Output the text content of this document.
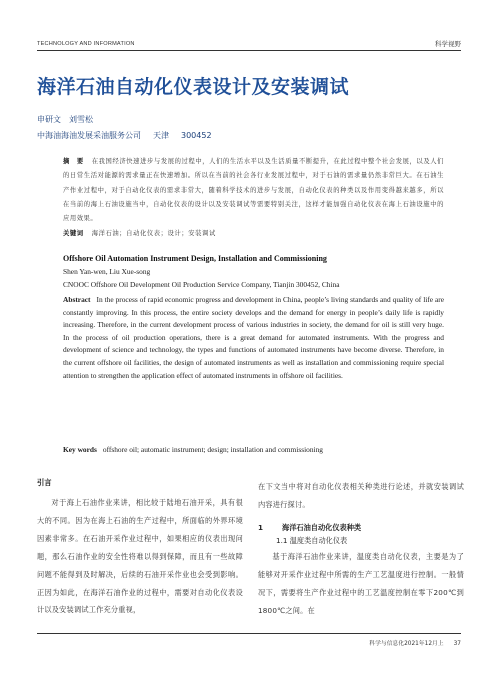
TECHNOLOGY AND INFORMATION	科学视野
海洋石油自动化仪表设计及安装调试
申研文　刘雪松
中海油海油发展采油服务公司 天津 300452
摘　要 在我国经济快速进步与发展的过程中，人们的生活水平以及生活质量不断提升，在此过程中整个社会发展，以及人们的日常生活对能源的需求量正在快速增加。所以在当前的社会各行业发展过程中，对于石油的需求量仍然非常巨大。在石油生产作业过程中，对于自动化仪表的需求非常大，随着科学技术的进步与发展，自动化仪表的种类以及作用变得越来越多，所以在当前的海上石油设施当中，自动化仪表的设计以及安装调试等需要特别关注，这样才能加强自动化仪表在海上石油设施中的应用效果。
关键词 海洋石油；自动化仪表；设计；安装调试
Offshore Oil Automation Instrument Design, Installation and Commissioning
Shen Yan-wen, Liu Xue-song
CNOOC Offshore Oil Development Oil Production Service Company, Tianjin 300452, China
Abstract In the process of rapid economic progress and development in China, people’s living standards and quality of life are constantly improving. In this process, the entire society develops and the demand for energy in people’s daily life is rapidly increasing. Therefore, in the current development process of various industries in society, the demand for oil is still very huge. In the process of oil production operations, there is a great demand for automated instruments. With the progress and development of science and technology, the types and functions of automated instruments have become diverse. Therefore, in the current offshore oil facilities, the design of automated instruments as well as installation and commissioning require special attention to strengthen the application effect of automated instruments in offshore oil facilities.
Key words offshore oil; automatic instrument; design; installation and commissioning
引言

对于海上石油作业来讲，相比较于陆地石油开采，具有很大的不同。因为在海上石油的生产过程中，所面临的外界环境因素非常多。在石油开采作业过程中，如果相应的仪表出现问题，那么石油作业的安全性将难以得到保障，而且有一些故障问题不能得到及时解决，后续的石油开采作业也会受到影响。正因为如此，在海洋石油作业的过程中，需要对自动化仪表设计以及安装调试工作充分重视，

在下文当中将对自动化仪表相关种类进行论述，并就安装调试内容进行探讨。

1	海洋石油自动化仪表种类
1.1 温度类自动化仪表

基于海洋石油作业来讲，温度类自动化仪表，主要是为了能够对开采作业过程中所需的生产工艺温度进行控制。一般情况下，需要将生产作业过程中的工艺温度控制在零下200℃到1800℃之间。在

科学与信息化2021年12月上 37
